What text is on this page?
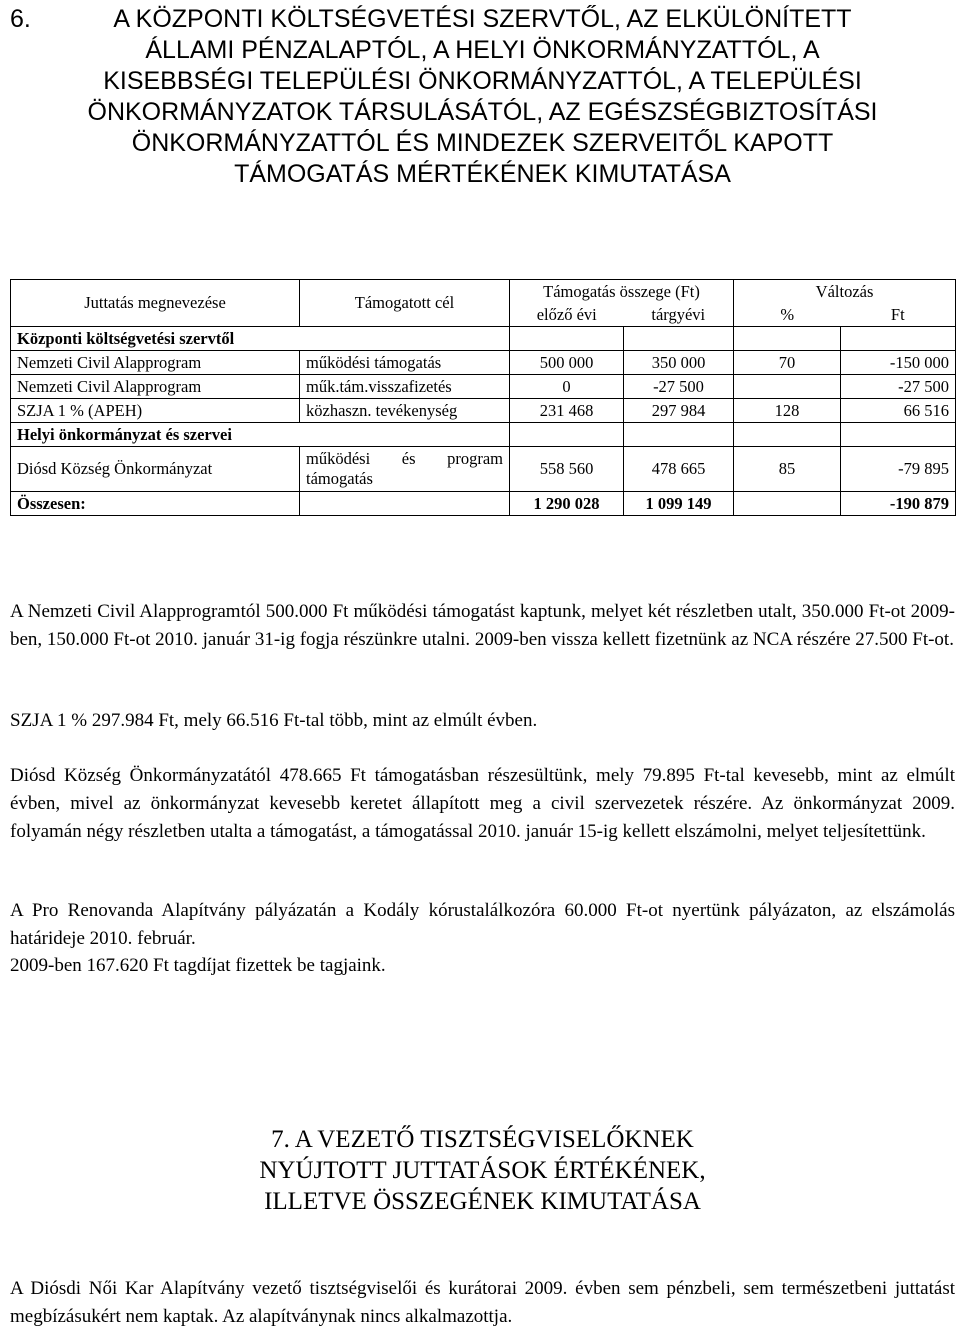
6.	A KÖZPONTI KÖLTSÉGVETÉSI SZERVTŐL, AZ ELKÜLÖNÍTETT
ÁLLAMI PÉNZALAPTÓL, A HELYI ÖNKORMÁNYZATTÓL, A
KISEBBSÉGI TELEPÜLÉSI ÖNKORMÁNYZATTÓL, A TELEPÜLÉSI
ÖNKORMÁNYZATOK TÁRSULÁSÁTÓL, AZ EGÉSZSÉGBIZTOSÍTÁSI
ÖNKORMÁNYZATTÓL ÉS MINDEZEK SZERVEITŐL KAPOTT
TÁMOGATÁS MÉRTÉKÉNEK KIMUTATÁSA
Juttatás megnevezése	Támogatott cél	Támogatás összege (Ft)		Változás	
		előző évi	tárgyévi	%	Ft
Központi költségvetési szervtől					
Nemzeti Civil Alapprogram	működési támogatás	500 000	350 000	70	-150 000
Nemzeti Civil Alapprogram	műk.tám.visszafizetés	0	-27 500		-27 500
SZJA 1 % (APEH)	közhaszn. tevékenység	231 468	297 984	128	66 516
Helyi önkormányzat és szervei					
Diósd Község Önkormányzat	működési és program
támogatás	558 560	478 665	85	-79 895
Összesen:		1 290 028	1 099 149		-190 879

A Nemzeti Civil Alapprogramtól 500.000 Ft működési támogatást kaptunk, melyet két részletben utalt, 350.000 Ft-ot 2009-ben, 150.000 Ft-ot 2010. január 31-ig fogja részünkre utalni. 2009-ben vissza kellett fizetnünk az NCA részére 27.500 Ft-ot.

SZJA 1 % 297.984 Ft, mely 66.516 Ft-tal több, mint az elmúlt évben.

Diósd Község Önkormányzatától 478.665 Ft támogatásban részesültünk, mely 79.895 Ft-tal kevesebb, mint az elmúlt évben, mivel az önkormányzat kevesebb keretet állapított meg a civil szervezetek részére. Az önkormányzat 2009. folyamán négy részletben utalta a támogatást, a támogatással 2010. január 15-ig kellett elszámolni, melyet teljesítettünk.

A Pro Renovanda Alapítvány pályázatán a Kodály kórustalálkozóra 60.000 Ft-ot nyertünk pályázaton, az elszámolás határideje 2010. február.

2009-ben 167.620 Ft tagdíjat fizettek be tagjaink.

7. A VEZETŐ TISZTSÉGVISELŐKNEK
NYÚJTOTT JUTTATÁSOK ÉRTÉKÉNEK,
ILLETVE ÖSSZEGÉNEK KIMUTATÁSA

A Diósdi Női Kar Alapítvány vezető tisztségviselői és kurátorai 2009. évben sem pénzbeli, sem természetbeni juttatást megbízásukért nem kaptak. Az alapítványnak nincs alkalmazottja.
